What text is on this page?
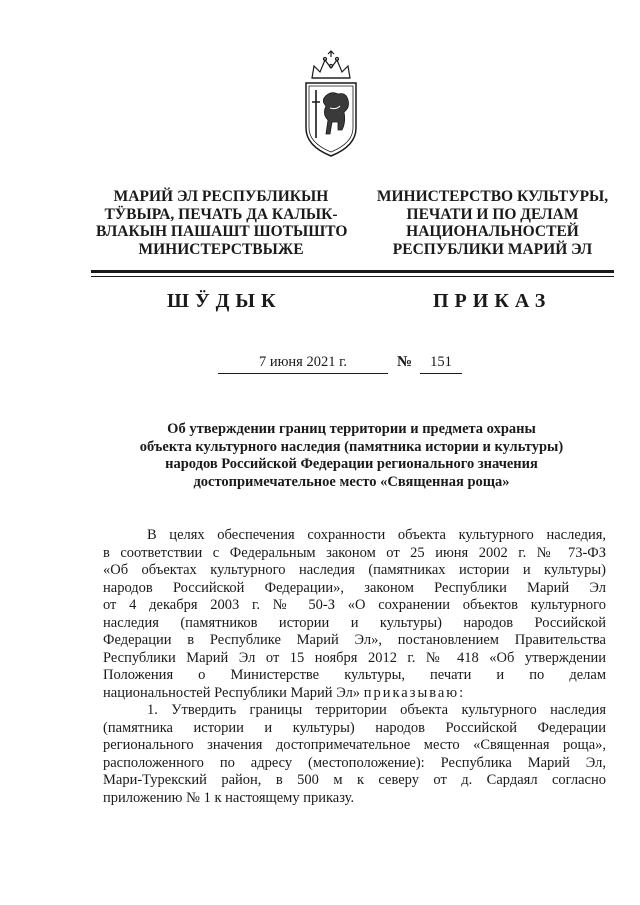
МАРИЙ ЭЛ РЕСПУБЛИКЫН
ТӰВЫРА, ПЕЧАТЬ ДА КАЛЫК-
ВЛАКЫН ПАШАШТ ШОТЫШТО
МИНИСТЕРСТВЫЖЕ
МИНИСТЕРСТВО КУЛЬТУРЫ,
ПЕЧАТИ И ПО ДЕЛАМ
НАЦИОНАЛЬНОСТЕЙ
РЕСПУБЛИКИ МАРИЙ ЭЛ
ШӰДЫК	ПРИКАЗ
7 июня 2021 г.	№	151
Об утверждении границ территории и предмета охраны
объекта культурного наследия (памятника истории и культуры)
народов Российской Федерации регионального значения
достопримечательное место «Священная роща»
В целях обеспечения сохранности объекта культурного наследия,
в соответствии с Федеральным законом от 25 июня 2002 г. № 73-ФЗ
«Об объектах культурного наследия (памятниках истории и культуры)
народов Российской Федерации», законом Республики Марий Эл
от 4 декабря 2003 г. № 50-З «О сохранении объектов культурного
наследия (памятников истории и культуры) народов Российской
Федерации в Республике Марий Эл», постановлением Правительства
Республики Марий Эл от 15 ноября 2012 г. № 418 «Об утверждении
Положения о Министерстве культуры, печати и по делам
национальностей Республики Марий Эл» приказываю:
1. Утвердить границы территории объекта культурного наследия
(памятника истории и культуры) народов Российской Федерации
регионального значения достопримечательное место «Священная роща»,
расположенного по адресу (местоположение): Республика Марий Эл,
Мари-Турекский район, в 500 м к северу от д. Сардаял согласно
приложению № 1 к настоящему приказу.
